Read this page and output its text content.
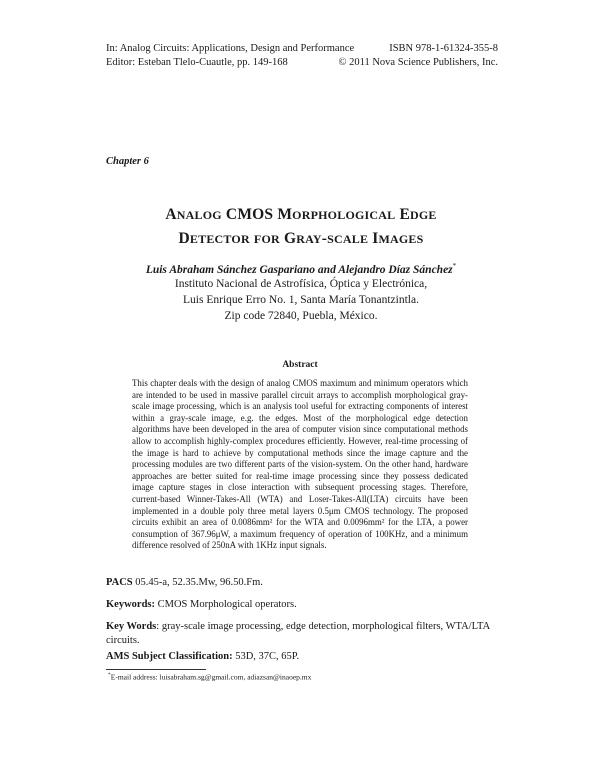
In: Analog Circuits: Applications, Design and Performance
Editor: Esteban Tlelo-Cuautle, pp. 149-168
ISBN 978-1-61324-355-8
© 2011 Nova Science Publishers, Inc.
Chapter 6
ANALOG CMOS MORPHOLOGICAL EDGE
DETECTOR FOR GRAY-SCALE IMAGES
Luis Abraham Sánchez Gaspariano and Alejandro Díaz Sánchez*
Instituto Nacional de Astrofísica, Óptica y Electrónica,
Luis Enrique Erro No. 1, Santa María Tonantzintla.
Zip code 72840, Puebla, México.
Abstract

This chapter deals with the design of analog CMOS maximum and minimum operators which are intended to be used in massive parallel circuit arrays to accomplish morphological gray-scale image processing, which is an analysis tool useful for extracting components of interest within a gray-scale image, e.g. the edges. Most of the morphological edge detection algorithms have been developed in the area of computer vision since computational methods allow to accomplish highly-complex procedures efficiently. However, real-time processing of the image is hard to achieve by computational methods since the image capture and the processing modules are two different parts of the vision-system. On the other hand, hardware approaches are better suited for real-time image processing since they possess dedicated image capture stages in close interaction with subsequent processing stages. Therefore, current-based Winner-Takes-All (WTA) and Loser-Takes-All(LTA) circuits have been implemented in a double poly three metal layers 0.5μm CMOS technology. The proposed circuits exhibit an area of 0.0086mm² for the WTA and 0.0096mm² for the LTA, a power consumption of 367.96μW, a maximum frequency of operation of 100KHz, and a minimum difference resolved of 250nA with 1KHz input signals.

PACS 05.45-a, 52.35.Mw, 96.50.Fm.
Keywords: CMOS Morphological operators.
Key Words: gray-scale image processing, edge detection, morphological filters, WTA/LTA circuits.
AMS Subject Classification: 53D, 37C, 65P.
*E-mail address: luisabraham.sg@gmail.com, adiazsan@inaoep.mx
